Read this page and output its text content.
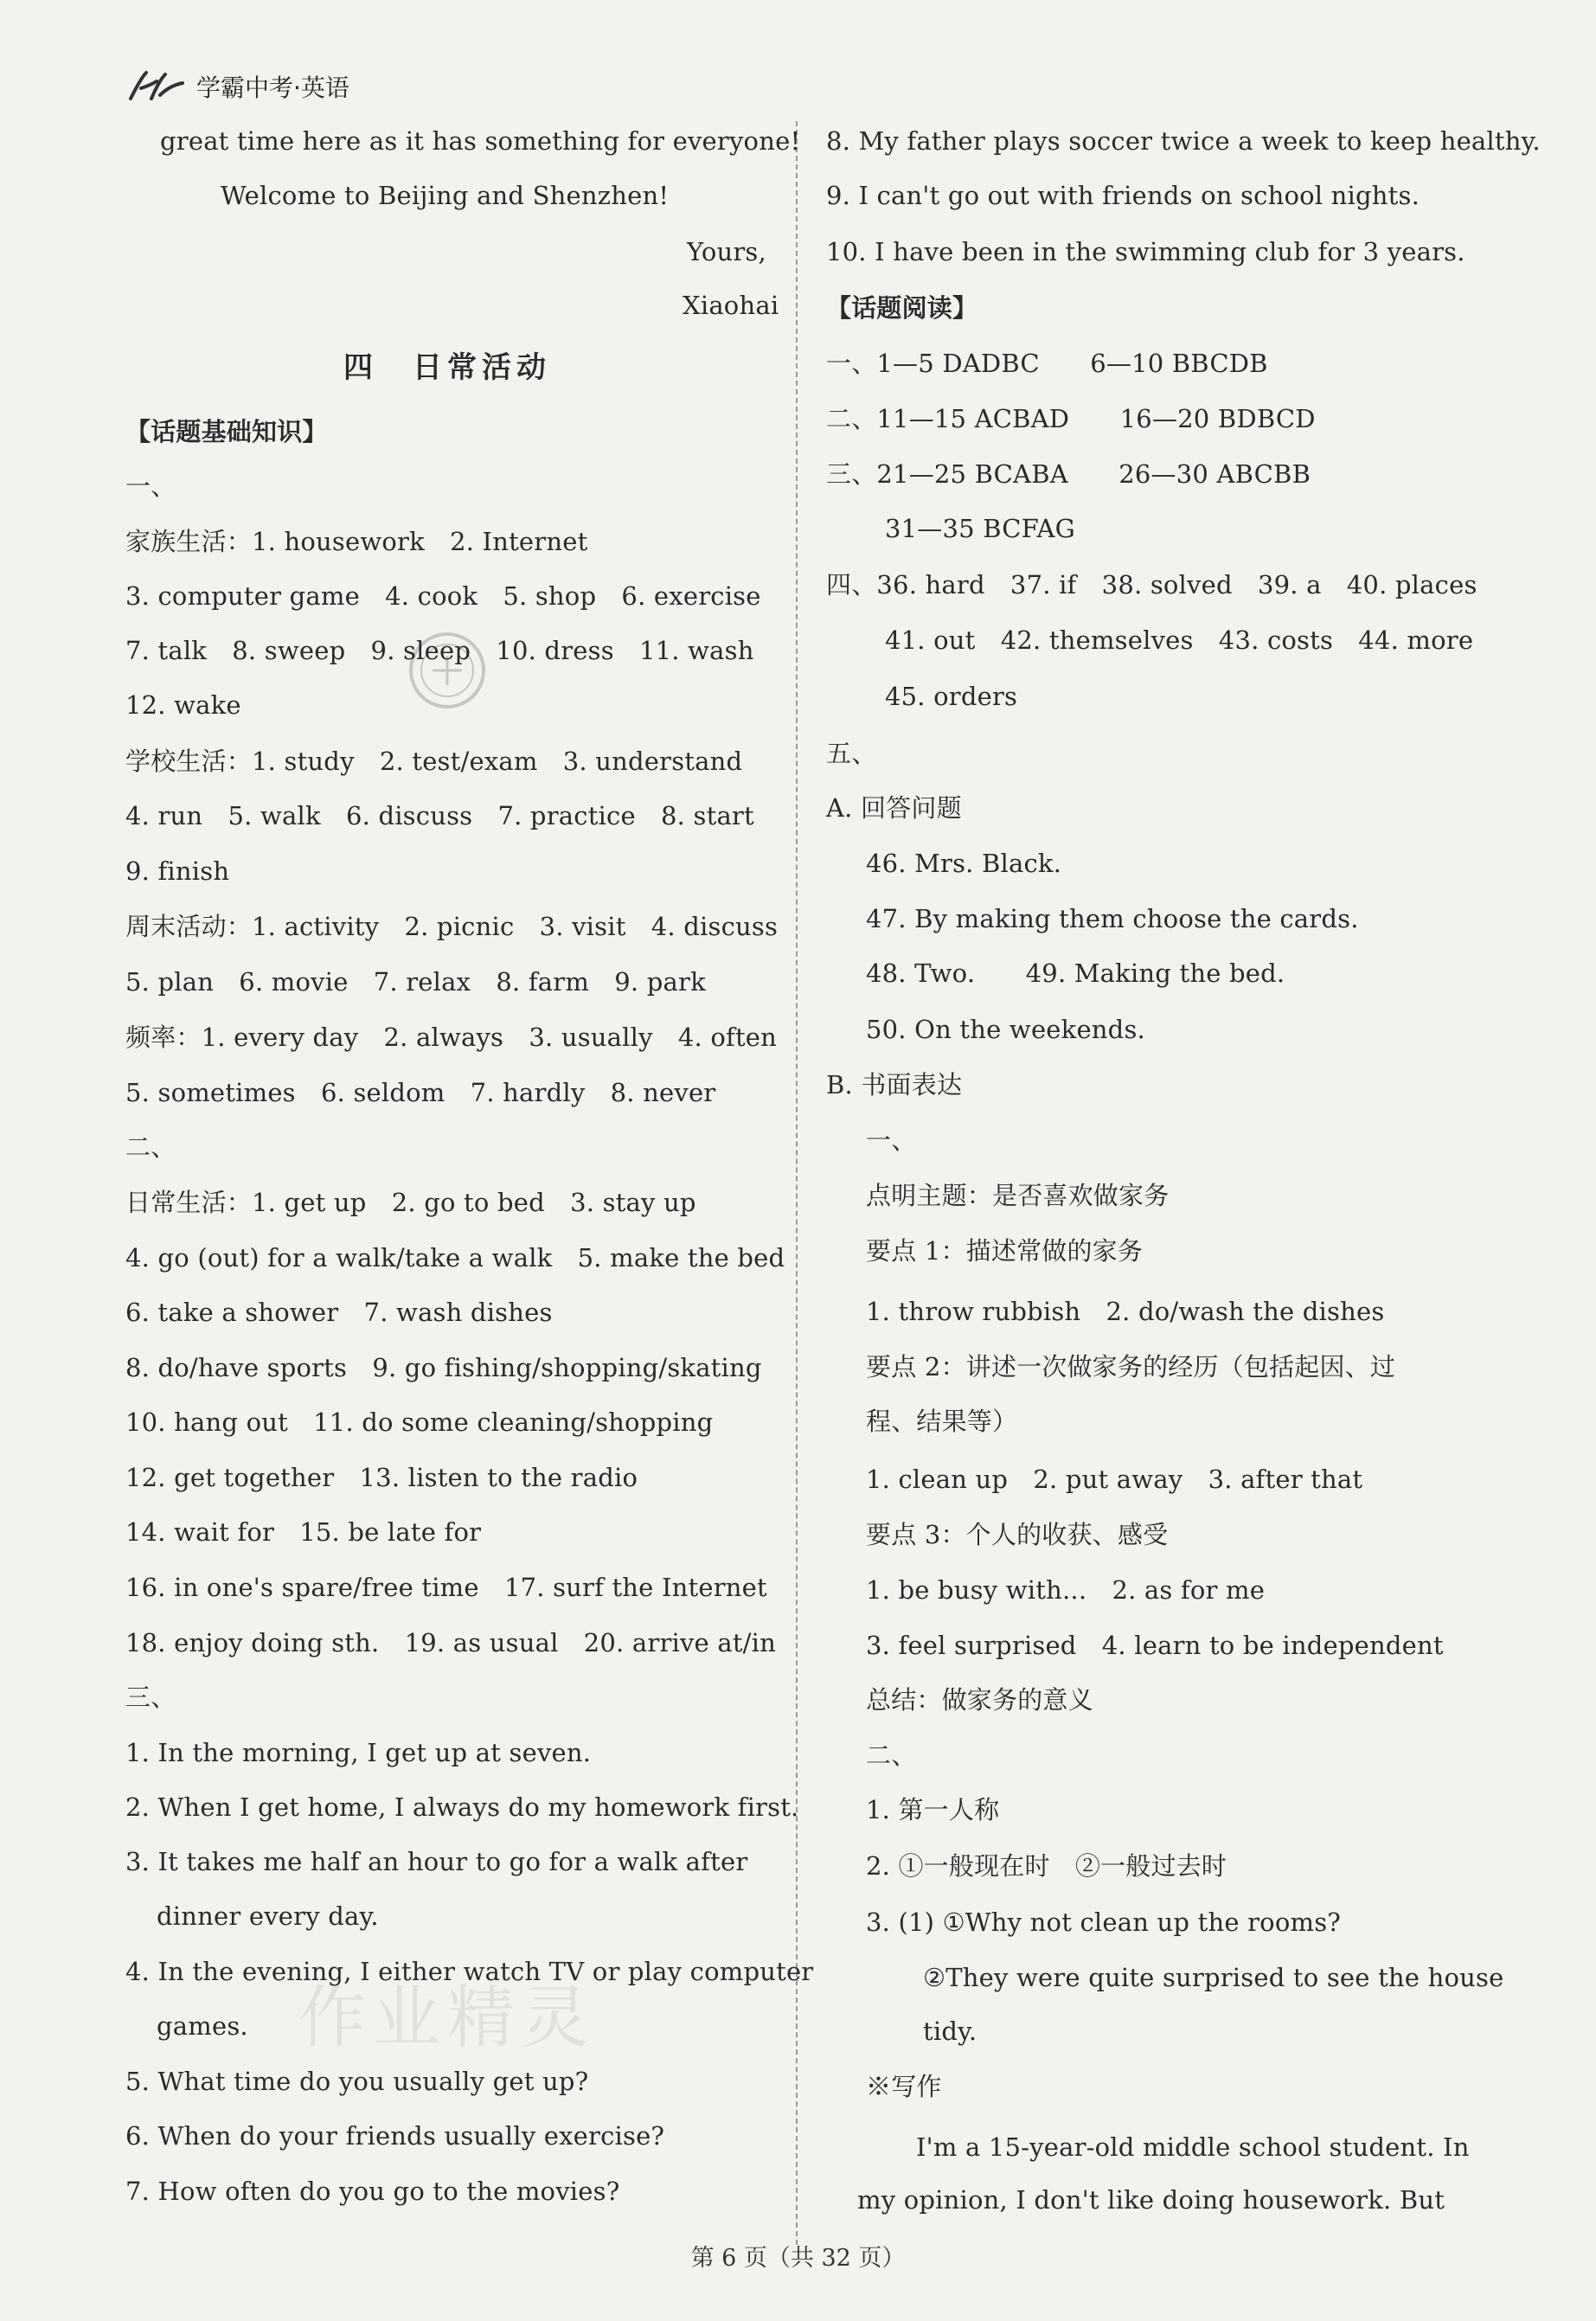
学霸中考·英语
作业精灵
great time here as it has something for everyone!
Welcome to Beijing and Shenzhen!
Yours,
Xiaohai
四　日常活动
【话题基础知识】
一、
家族生活：1. housework　2. Internet
3. computer game　4. cook　5. shop　6. exercise
7. talk　8. sweep　9. sleep　10. dress　11. wash
12. wake
学校生活：1. study　2. test/exam　3. understand
4. run　5. walk　6. discuss　7. practice　8. start
9. finish
周末活动：1. activity　2. picnic　3. visit　4. discuss
5. plan　6. movie　7. relax　8. farm　9. park
频率：1. every day　2. always　3. usually　4. often
5. sometimes　6. seldom　7. hardly　8. never
二、
日常生活：1. get up　2. go to bed　3. stay up
4. go (out) for a walk/take a walk　5. make the bed
6. take a shower　7. wash dishes
8. do/have sports　9. go fishing/shopping/skating
10. hang out　11. do some cleaning/shopping
12. get together　13. listen to the radio
14. wait for　15. be late for
16. in one's spare/free time　17. surf the Internet
18. enjoy doing sth.　19. as usual　20. arrive at/in
三、
1. In the morning, I get up at seven.
2. When I get home, I always do my homework first.
3. It takes me half an hour to go for a walk after
dinner every day.
4. In the evening, I either watch TV or play computer
games.
5. What time do you usually get up?
6. When do your friends usually exercise?
7. How often do you go to the movies?
8. My father plays soccer twice a week to keep healthy.
9. I can't go out with friends on school nights.
10. I have been in the swimming club for 3 years.
【话题阅读】
一、1—5 DADBC　　6—10 BBCDB
二、11—15 ACBAD　　16—20 BDBCD
三、21—25 BCABA　　26—30 ABCBB
31—35 BCFAG
四、36. hard　37. if　38. solved　39. a　40. places
41. out　42. themselves　43. costs　44. more
45. orders
五、
A. 回答问题
46. Mrs. Black.
47. By making them choose the cards.
48. Two.　　49. Making the bed.
50. On the weekends.
B. 书面表达
一、
点明主题：是否喜欢做家务
要点 1：描述常做的家务
1. throw rubbish　2. do/wash the dishes
要点 2：讲述一次做家务的经历（包括起因、过
程、结果等）
1. clean up　2. put away　3. after that
要点 3：个人的收获、感受
1. be busy with...　2. as for me
3. feel surprised　4. learn to be independent
总结：做家务的意义
二、
1. 第一人称
2. ①一般现在时　②一般过去时
3. (1) ①Why not clean up the rooms?
②They were quite surprised to see the house
tidy.
※写作
I'm a 15-year-old middle school student. In
my opinion, I don't like doing housework. But
第 6 页（共 32 页）
